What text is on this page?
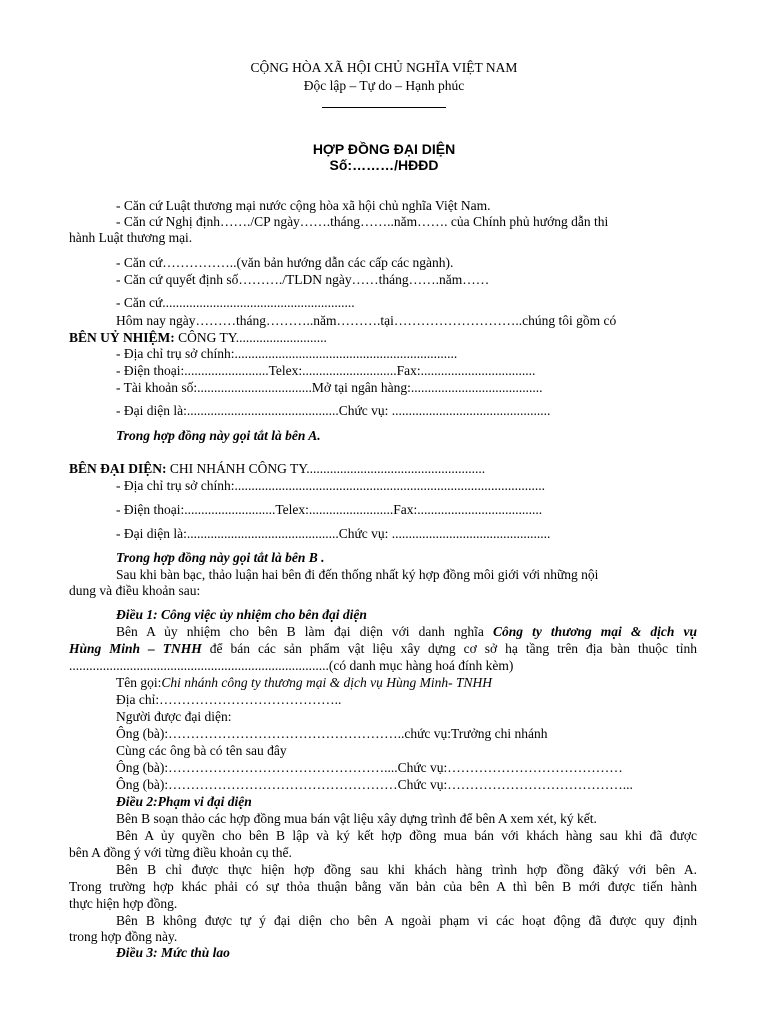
CỘNG HÒA XÃ HỘI CHỦ NGHĨA VIỆT NAM
Độc lập – Tự do – Hạnh phúc
HỢP ĐỒNG ĐẠI DIỆN
Số:………/HĐĐD
- Căn cứ Luật thương mại nước cộng hòa xã hội chủ nghĩa Việt Nam.
- Căn cứ Nghị định……./CP ngày…….tháng……..năm……. của Chính phủ hướng dẫn thi
hành Luật thương mại.
- Căn cứ……………..(văn bản hướng dẫn các cấp các ngành).
- Căn cứ quyết định số………./TLDN ngày……tháng…….năm……
- Căn cứ.........................................................
Hôm nay ngày………tháng………..năm……….tại………………………..chúng tôi gồm có
BÊN UỶ NHIỆM: CÔNG TY...........................
- Địa chỉ trụ sở chính:..................................................................
- Điện thoại:.........................Telex:............................Fax:..................................
- Tài khoản số:..................................Mở tại ngân hàng:.......................................
- Đại diện là:.............................................Chức vụ: ...............................................
Trong hợp đồng này gọi tắt là bên A.
BÊN ĐẠI DIỆN: CHI NHÁNH CÔNG TY.....................................................
- Địa chỉ trụ sở chính:............................................................................................
- Điện thoại:...........................Telex:.........................Fax:.....................................
- Đại diện là:.............................................Chức vụ: ...............................................
Trong hợp đồng này gọi tắt là bên B .
Sau khi bàn bạc, thảo luận hai bên đi đến thống nhất ký hợp đồng môi giới với những nội
dung và điều khoản sau:
Điều 1: Công việc ủy nhiệm cho bên đại diện
Bên A ủy nhiệm cho bên B làm đại diện với danh nghĩa Công ty thương mại & dịch vụ
Hùng Minh – TNHH để bán các sản phẩm vật liệu xây dựng cơ sở hạ tầng trên địa bàn thuộc tỉnh
.............................................................................(có danh mục hàng hoá đính kèm)
Tên gọi:Chi nhánh công ty thương mại & dịch vụ Hùng Minh- TNHH
Địa chỉ:…………………………………..
Người được đại diện:
Ông (bà):……………………………………………..chức vụ:Trưởng chi nhánh
Cùng các ông bà có tên sau đây
Ông (bà):…………………………………………....Chức vụ:…………………………………
Ông (bà):……………………………………………Chức vụ:…………………………………...
Điều 2:Phạm vi đại diện
Bên B soạn thảo các hợp đồng mua bán vật liệu xây dựng trình để bên A xem xét, ký kết.
Bên A ủy quyền cho bên B lập và ký kết hợp đồng mua bán với khách hàng sau khi đã được
bên A đồng ý với từng điều khoản cụ thể.
Bên B chỉ được thực hiện hợp đồng sau khi khách hàng trình hợp đồng đãký với bên A.
Trong trường hợp khác phải có sự thỏa thuận bằng văn bản của bên A thì bên B mới được tiến hành
thực hiện hợp đồng.
Bên B không được tự ý đại diện cho bên A ngoài phạm vi các hoạt động đã được quy định
trong hợp đồng này.
Điều 3: Mức thù lao
